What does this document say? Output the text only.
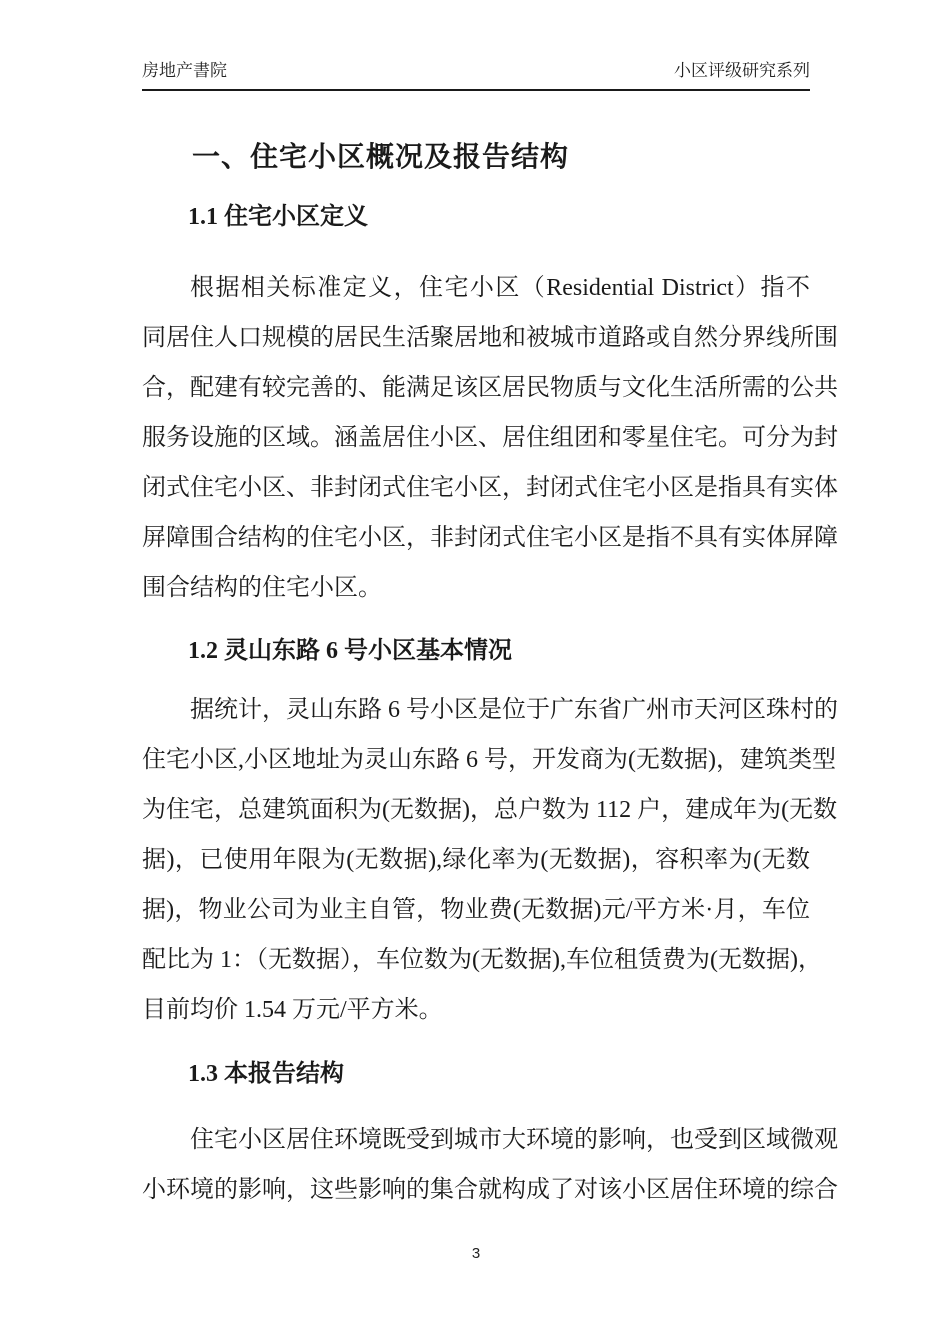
房地产書院	小区评级研究系列
一、住宅小区概况及报告结构
1.1 住宅小区定义
根据相关标准定义，住宅小区（Residential District）指不
同居住人口规模的居民生活聚居地和被城市道路或自然分界线所围
合，配建有较完善的、能满足该区居民物质与文化生活所需的公共
服务设施的区域。涵盖居住小区、居住组团和零星住宅。可分为封
闭式住宅小区、非封闭式住宅小区，封闭式住宅小区是指具有实体
屏障围合结构的住宅小区，非封闭式住宅小区是指不具有实体屏障
围合结构的住宅小区。
1.2 灵山东路 6 号小区基本情况
据统计，灵山东路 6 号小区是位于广东省广州市天河区珠村的
住宅小区,小区地址为灵山东路 6 号，开发商为(无数据)，建筑类型
为住宅，总建筑面积为(无数据)，总户数为 112 户，建成年为(无数
据)，已使用年限为(无数据),绿化率为(无数据)，容积率为(无数
据)，物业公司为业主自管，物业费(无数据)元/平方米·月，车位
配比为 1：（无数据），车位数为(无数据),车位租赁费为(无数据)，
目前均价 1.54 万元/平方米。
1.3 本报告结构
住宅小区居住环境既受到城市大环境的影响，也受到区域微观
小环境的影响，这些影响的集合就构成了对该小区居住环境的综合
3
